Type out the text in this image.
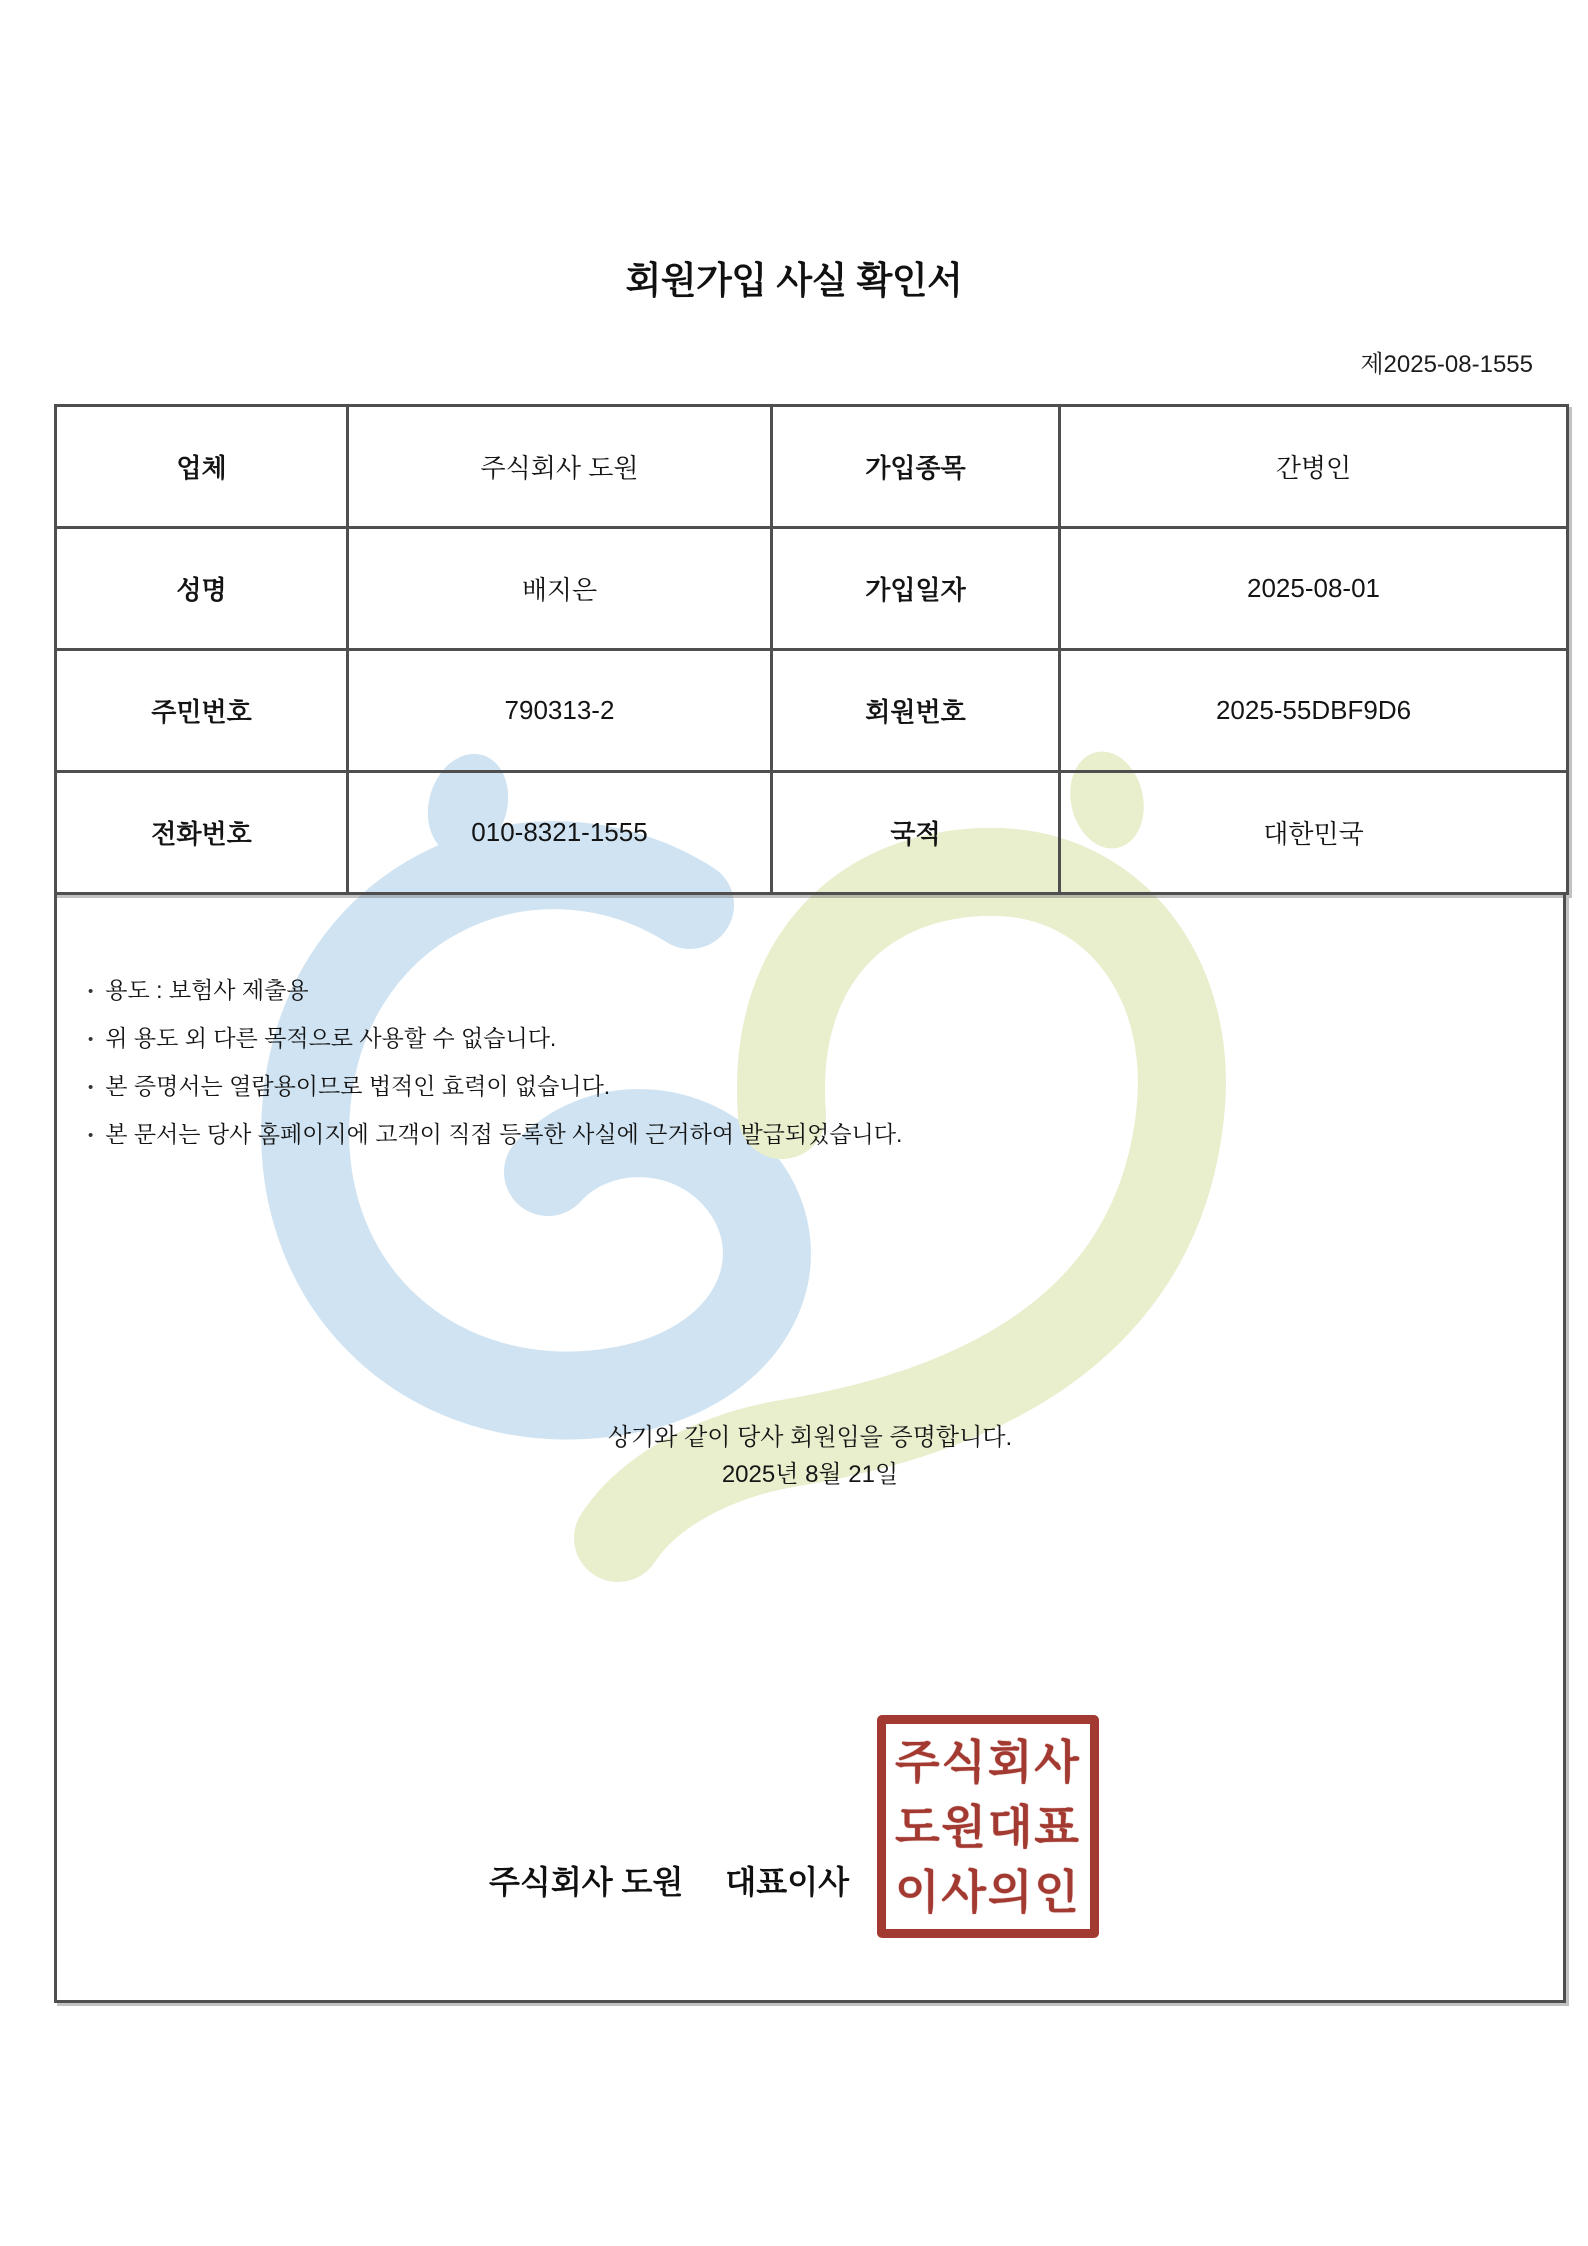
회원가입 사실 확인서
제2025-08-1555
업체	주식회사 도원	가입종목	간병인
성명	배지은	가입일자	2025-08-01
주민번호	790313-2	회원번호	2025-55DBF9D6
전화번호	010-8321-1555	국적	대한민국
• 용도 : 보험사 제출용
• 위 용도 외 다른 목적으로 사용할 수 없습니다.
• 본 증명서는 열람용이므로 법적인 효력이 없습니다.
• 본 문서는 당사 홈페이지에 고객이 직접 등록한 사실에 근거하여 발급되었습니다.
상기와 같이 당사 회원임을 증명합니다.
2025년 8월 21일
주식회사 도원 대표이사
주식회사
도원대표
이사의인
